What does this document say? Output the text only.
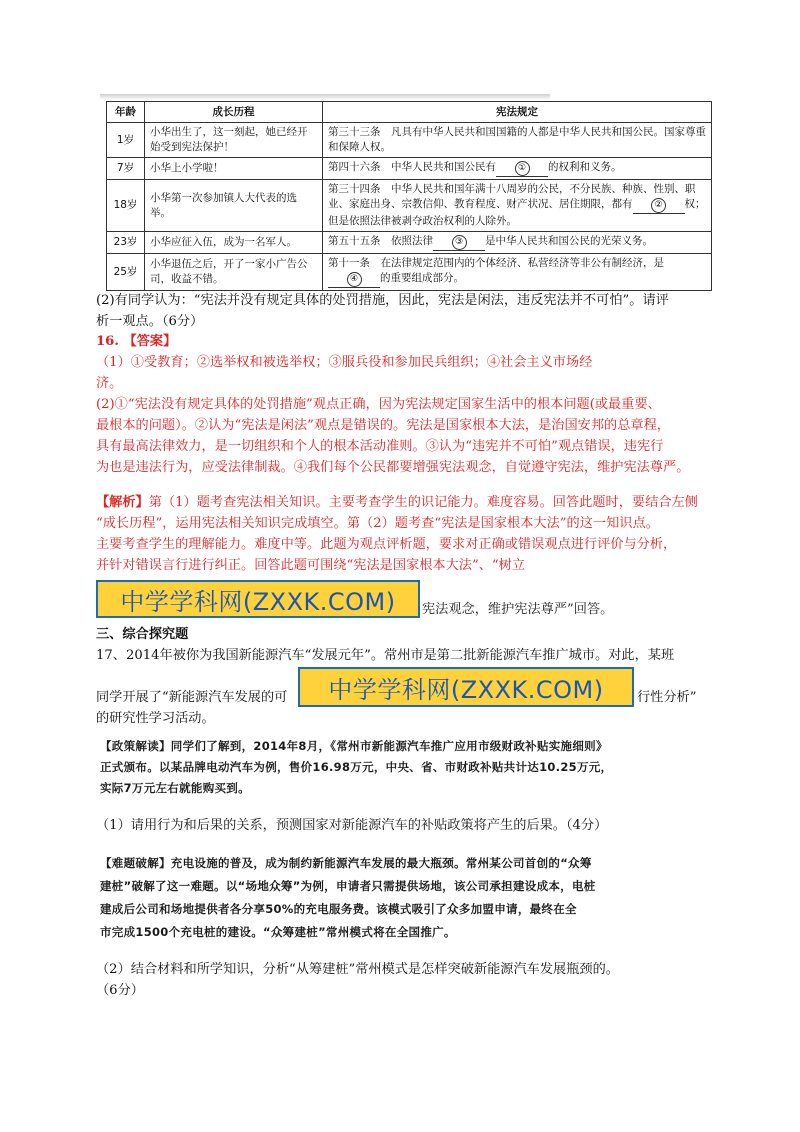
年龄	成长历程	宪法规定
1岁	小华出生了，这一刻起，她已经开始受到宪法保护！	第三十三条　凡具有中华人民共和国国籍的人都是中华人民共和国公民。国家尊重和保障人权。
7岁	小华上小学啦！	第四十六条　中华人民共和国公民有 ① 的权利和义务。
18岁	小华第一次参加镇人大代表的选举。	第三十四条　中华人民共和国年满十八周岁的公民，不分民族、种族、性别、职业、家庭出身、宗教信仰、教育程度、财产状况、居住期限，都有 ② 权；但是依照法律被剥夺政治权利的人除外。
23岁	小华应征入伍，成为一名军人。	第五十五条　依照法律 ③ 是中华人民共和国公民的光荣义务。
25岁	小华退伍之后，开了一家小广告公司，收益不错。	第十一条　在法律规定范围内的个体经济、私营经济等非公有制经济，是④ 的重要组成部分。
(2)有同学认为：“宪法并没有规定具体的处罚措施，因此，宪法是闲法，违反宪法并不可怕”。请评
析一观点。（6分）
16. 【答案】
（1）①受教育；②选举权和被选举权；③服兵役和参加民兵组织；④社会主义市场经
济。
(2)①“宪法没有规定具体的处罚措施”观点正确，因为宪法规定国家生活中的根本问题(或最重要、
最根本的问题）。②认为“宪法是闲法”观点是错误的。宪法是国家根本大法，是治国安邦的总章程，
具有最高法律效力，是一切组织和个人的根本活动准则。③认为“违宪并不可怕”观点错误，违宪行
为也是违法行为，应受法律制裁。④我们每个公民都要增强宪法观念，自觉遵守宪法，维护宪法尊严。
【解析】第（1）题考查宪法相关知识。主要考查学生的识记能力。难度容易。回答此题时，要结合左侧
“成长历程”，运用宪法相关知识完成填空。第（2）题考查“宪法是国家根本大法”的这一知识点。
主要考查学生的理解能力。难度中等。此题为观点评析题，要求对正确或错误观点进行评价与分析，
并针对错误言行进行纠正。回答此题可围绕“宪法是国家根本大法”、“树立
中学学科网(ZXXK.COM) 宪法观念，维护宪法尊严”回答。
三、综合探究题
17、2014年被你为我国新能源汽车“发展元年”。常州市是第二批新能源汽车推广城市。对此，某班
同学开展了“新能源汽车发展的可	中学学科网(ZXXK.COM)	行性分析”
的研究性学习活动。
【政策解读】同学们了解到，2014年8月，《常州市新能源汽车推广应用市级财政补贴实施细则》
正式颁布。以某品牌电动汽车为例，售价16.98万元，中央、省、市财政补贴共计达10.25万元，
实际7万元左右就能购买到。
（1）请用行为和后果的关系，预测国家对新能源汽车的补贴政策将产生的后果。（4分）
【难题破解】充电设施的普及，成为制约新能源汽车发展的最大瓶颈。常州某公司首创的“众筹
建桩”破解了这一难题。以“场地众筹”为例，申请者只需提供场地，该公司承担建设成本，电桩
建成后公司和场地提供者各分享50%的充电服务费。该模式吸引了众多加盟申请，最终在全
市完成1500个充电桩的建设。“众筹建桩”常州模式将在全国推广。
（2）结合材料和所学知识，分析“从筹建桩”常州模式是怎样突破新能源汽车发展瓶颈的。
（6分）
